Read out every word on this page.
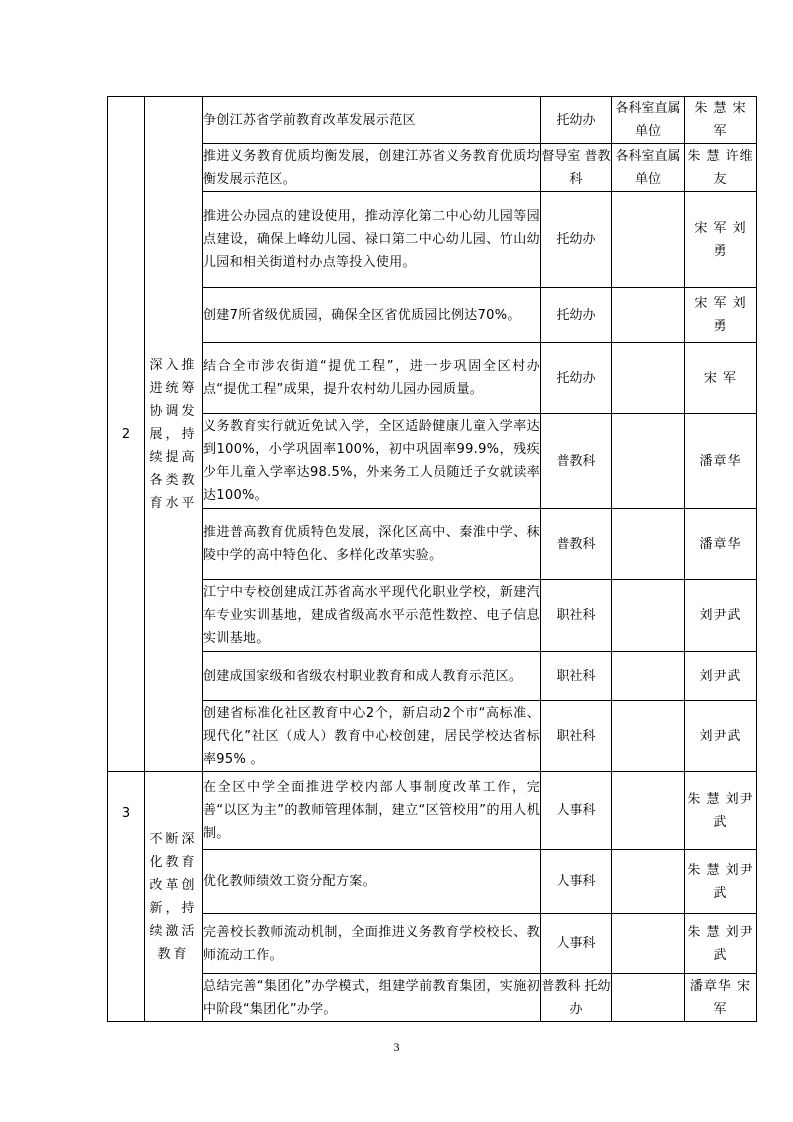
2	深入推进统筹协调发展，持续提高各类教育水平	争创江苏省学前教育改革发展示范区	托幼办	各科室直属单位	朱 慧 宋 军
		推进义务教育优质均衡发展，创建江苏省义务教育优质均衡发展示范区。	督导室 普教科	各科室直属单位	朱 慧 许维友
		推进公办园点的建设使用，推动淳化第二中心幼儿园等园点建设，确保上峰幼儿园、禄口第二中心幼儿园、竹山幼儿园和相关街道村办点等投入使用。	托幼办		宋 军 刘 勇
		创建7所省级优质园，确保全区省优质园比例达70%。	托幼办		宋 军 刘 勇
		结合全市涉农街道“提优工程”，进一步巩固全区村办点“提优工程”成果，提升农村幼儿园办园质量。	托幼办		宋 军
		义务教育实行就近免试入学，全区适龄健康儿童入学率达到100%，小学巩固率100%，初中巩固率99.9%，残疾少年儿童入学率达98.5%，外来务工人员随迁子女就读率达100%。	普教科		潘章华
		推进普高教育优质特色发展，深化区高中、秦淮中学、秣陵中学的高中特色化、多样化改革实验。	普教科		潘章华
		江宁中专校创建成江苏省高水平现代化职业学校，新建汽车专业实训基地，建成省级高水平示范性数控、电子信息实训基地。	职社科		刘尹武
		创建成国家级和省级农村职业教育和成人教育示范区。	职社科		刘尹武
		创建省标准化社区教育中心2个，新启动2个市“高标准、现代化”社区（成人）教育中心校创建，居民学校达省标率95% 。	职社科		刘尹武
3	不断深化教育改革创新，持续激活教育	在全区中学全面推进学校内部人事制度改革工作，完善“以区为主”的教师管理体制，建立“区管校用”的用人机制。	人事科		朱 慧 刘尹武
		优化教师绩效工资分配方案。	人事科		朱 慧 刘尹武
		完善校长教师流动机制，全面推进义务教育学校校长、教师流动工作。	人事科		朱 慧 刘尹武
		总结完善“集团化”办学模式，组建学前教育集团，实施初中阶段“集团化”办学。	普教科 托幼办		潘章华 宋 军
3
